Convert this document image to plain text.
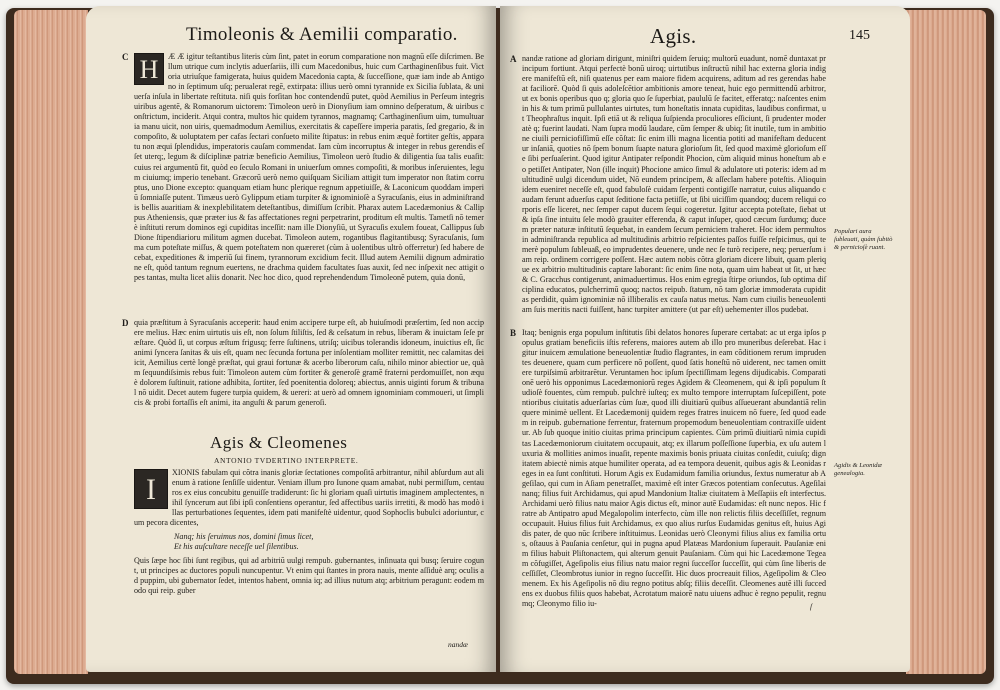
Timoleonis & Aemilii comparatio.
C H	Æ Æ igitur teſtantibus literis cùm ſint, patet in eorum comparatione non magnū eſſe diſcrimen. Bellum utrique cum inclytis aduerſariis, illi cum Macedonibus, huic cum Carthaginenſibus fuit. Victoria utriuſque famigerata, huius quidem Macedonia capta, & ſucceſſione, quæ iam inde ab Antigono in ſeptimum uſq; perualerat regē, extirpata: illius uerò omni tyrannide ex Sicilia ſublata, & uniuerſa inſula in libertate reſtituta. niſi quis forſitan hoc contendendū putet, quòd Aemilius in Perſeum integris uiribus agentē, & Romanorum uictorem: Timoleon uerò in Dionyſium iam omnino deſperatum, & uiribus conſtrictum, inciderit. Atqui contra, multos hic quidem tyrannos, magnamq; Carthaginenſium uim, tumultuaria manu uicit, non uiris, quemadmodum Aemilius, exercitatis & capeſſere imperia paratis, ſed gregario, & incompoſito, & uoluptatem per cafas ſectari conſueto milite ſtipatus: in rebus enim æquè fortiter geſtis, apparatu non æqui ſplendidus, imperatoris cauſam commendat. Iam cùm incorruptus & integer in rebus gerendis eſſet uterq;, legum & diſciplinæ patriæ beneficio Aemilius, Timoleon uerò ſtudio & diligentia ſua talis euaſit: cuius rei argumentū fit, quòd eo ſeculo Romani in uniuerſum omnes compoſiti, & moribus inſeruientes, legum ciuiumq; imperio tenebant. Græcorū uerò nemo quiſquam Siciliam attigit tum imperator non ſtatim corruptus, uno Dione excepto: quanquam etiam hunc plerique regnum appetiuiſſe, & Laconicum quoddam imperiū ſomniaſſe putent. Timæus uerò Gylippum etiam turpiter & ignominioſè a Syracuſanis, eius in adminiſtrandis bellis auaritiam & inexplebilitatem deteſtantibus, dimiſſum ſcribit. Pharax autem Lacedæmonius & Callippus Atheniensis, quæ præter ius & fas affectationes regni perpetrarint, proditum eſt multis. Tametſi nō temerè inſtituti rerum dominos egi cupiditas inceſſit: nam ille Dionyſiū, ut Syracuſis exulem foueat, Callippus ſub Dione ſtipendiarioru militum agmen ducebat. Timoleon autem, rogantibus flagitantibusq; Syracuſanis, ſumma cum poteſtate miſſus, & quem poteſtatem non quæreret (cùm à uolentibus ultrò offerretur) ſed habere decebat, expeditiones & imperiū ſui finem, tyrannorum excidium fecit. Illud autem Aemilii dignum admiratione eſt, quòd tantum regnum euertens, ne drachma quidem facultates ſuas auxit, ſed nec inſpexit nec attigit opes tantas, multa licet aliis donarit. Nec hoc dico, quod reprehendendum Timoleonē putem, quia donū,

D quia præſtitum à Syracuſanis acceperit: haud enim accipere turpe eſt, ab huiuſmodi præſertim, ſed non accipere melius. Hæc enim uirtutis uis eſt, non ſolum ſtiliſtis, ſed & ceſsatum in rebus, liberam & inuictam ſeſe præſtare. Quòd ſi, ut corpus æſtum frigusq; ferre ſuſtinens, utriſq; uicibus tolerandis idoneum, inuictius eſt, ſic animi ſyncera ſanitas & uis eſt, quam nec ſecunda fortuna per inſolentiam molliter remittit, nec calamitas deiicit, Aemilius certè longè præſtat, qui graui fortunæ & acerbo liberorum caſu, nihilo minor abiectior ue, quàm ſequundiſsimis rebus fuit: Timoleon autem cùm fortiter & generoſè gramē fraterni perdomuiſſet, non æquè dolorem ſuſtinuit, ratione adhibita, ſortiter, ſed poenitentia doloreq; abiectus, annis uiginti forum & tribunal nō uidit. Decet autem fugere turpia quidem, & uereri: at uerò ad omnem ignominiam commoueri, ut ſimplicis & probi fortaſſis eſt animi, ita anguſti & parum generoſi.

Agis & Cleomenes
ANTONIO TVDERTINO INTERPRETE.
I

XIONIS fabulam qui cõtra inanis gloriæ ſectationes compoſitā arbitrantur, nihil abſurdum aut alienum à ratione ſenſiſſe uidentur. Veniam illum pro Iunone quam amabat, nubi permiſſum, centauros ex eius concubitu genuiſſe tradiderunt: ſic hi gloriam quaſi uirtutis imaginem amplectentes, nihil ſyncerum aut ſibi ipſi conſentiens operantur, ſed affectibus uariis irretiti, & modò has modò illas perturbationes ſequentes, idem pati manifeſtè uidentur, quod Sophoclis bubulci adoriuntur, cum pecora dicentes,

Nanq; his ſeruimus nos, domini ſimus licet,

Et his auſcultare neceſſe uel ſilentibus.

Quis ſæpe hoc ſibi ſunt regibus, qui ad arbitriū uulgi rempub. gubernantes, inſinuata qui busq; ſeruire cogunt, ut principes ac ductores populi nuncupentur. Vt enim qui ſtantes in prora nauis, mente aſſiduè arq; oculis ad puppim, ubi gubernator ſedet, intentos habent, omnia iq; ad illius nutum atq; arbitrium peragunt: eodem modo qui reip. guber

nandæ
Agis.	145
A nandæ ratione ad gloriam dirigunt, miniſtri quidem ſeruiq; multorū euadunt, nomē duntaxat principum fortiunt. Atqui perfectè bonū uiroq; uirtutibus inſtructū nihil hac externa gloria indigere manifeſtū eſt, niſi quatenus per eam maiore fidem acquirens, aditum ad res gerendas habeat faciliorē. Quòd ſi quis adoleſcētior ambitionis amore teneat, huic ego permittendū arbitror, ut ex bonis operibus quo q; gloria quo ſe ſuperbiat, paululū ſe facitet, efferatq;: naſcentes enim in his & tum primū pullulantes uirtutes, tum honeſtatis innata cupiditas, laudibus confirmat, ut Theophraſtus inquit. Ipſi etiā ut & reliqua ſuſpienda proculiores eſſiciunt, ſi prudenter moderatè q; fuerint laudati. Nam ſupra modū laudare, cūm ſemper & ubiq; ſit inutile, tum in ambitione ciuili perniciofiſſimū eſſe cõſtat: ſic enim illi magna licentia potiti ad manifeſtam deducentur inſaniā, quoties nō ſpem bonum ſuapte natura glorioſum ſit, ſed quod maximè glorioſum eſſe ſibi perſuaſerint. Quod igitur Antipater reſpondit Phocion, cùm aliquid minus honeſtum ab eo petiſſet Antipater, Non (ille inquit) Phocione amico ſimul & adulatore uti poteris: idem ad multitudinē uulgi dicendum uidet, Nō eundem principem, & aſſeclam habere poteſtis. Alioquin idem eueniret neceſſe eſt, quod fabuloſè cuidam ſerpenti contigiſſe narratur, cuius aliquando caudam ferunt aduerſus caput ſeditione facta petiiſſe, ut ſibi uiciſſim quandoq; ducem reliqui corporis eſſe liceret, nec ſemper caput ducem ſequi cogeretur. Igitur accepta poteſtate, ſiebat ut & ipſa ſine intuitu ſele modò grauiter efferenda, & caput inſuper, quod cæcum ſurdumq; ducem præter naturæ inſtitutū ſequebat, in eandem ſecum perniciem traheret. Hoc idem permultos in adminiſtranda republica ad multitudinis arbitrio reſpicientes paſſos fuiſſe reſpicimus, qui temerè populum ſubleuaß, eo imprudentes deuenere, unde nec ſe turò recipere, neq; peruerſum iam reip. ordinem corrigere poſſent. Hæc autem nobis cõtra gloriam dicere libuit, quam plerique ex arbitrio multitudinis captare laborant: ſic enim ſine nota, quam uim habeat ut ſit, ut hæc & C. Gracchus contigerunt, animaduertimus. Hos enim egregia ſtirpe oriundos, ſub optima diſciplina educatos, pulcherrimū quoq; nactos reipub. ſtatum, nō tam gloriæ immoderata cupiditas perdidit, quàm ignominiæ nō illiberalis ex cauſa natus metus. Nam cum ciuilis beneuolentiam ſuis meritis nacti fuiſſent, hanc turpiter amittere (ut par eſt) uehementer illos pudebat.

B Itaq; benignis erga populum inſtitutis ſibi delatos honores ſuperare certabat: ac ut erga ipſos populus gratiam beneficiis iſtis referens, maiores autem ab illo pro muneribus deſerebat. Hac igitur inuicem æmulatione beneuolentiæ ſtudio flagrantes, in eam cõditionem rerum imprudentes deuenere, quam cum perficere nō poſſent, quod ſatis honeſtū nō uiderent, nec tamen omittere turpiſsimū arbitrarētur. Veruntamen hoc ipſum ſpectiſſimam legens dijudicabis. Comparationē uerò his opponimus Lacedæmoniorū reges Agidem & Cleomenem, qui & ipſi populum ſtudioſè fouentes, cùm rempub. pulchrè iuſteq; ex multo tempore interruptam ſuſcepiſſent, potentioribus ciuitatis aduerſarias cùm ſuæ, quod illi diuitiarū quibus aſſueuerant abundantiā relinquere minimè uellent. Et Lacedæmonij quidem reges fratres inuicem nō fuere, ſed quod eadem in reipub. gubernatione ferrentur, fraternum propemodum beneuolentiam contraxiſſe uidentur. Ab ſub quoque initio ciuitas prima principum capientes. Cùm primū diuitiarū nimia cupiditas Lacedæmoniorum ciuitatem occupauit, atq; ex illarum poſſeſſione ſuperbia, ex uſu autem luxuria & mollities animos inuaſit, repente maximis bonis priuata ciuitas conſedit, cuiuſq; dignitatem abiectè nimis atque humiliter operata, ad ea tempora deuenit, quibus agis & Leonidas reges in ea ſunt conſtituti. Horum Agis ex Eudamidum familia oriundus, ſextus numeratur ab Ageſilao, qui cum in Aſiam penetraſſet, maximè eſt inter Græcos potentiam conſecutus. Ageſilai nanq; filius fuit Archidamus, qui apud Mandonium Italiæ ciuitatem à Meſſapiis eſt interfectus. Archidami uerò filius natu maior Agis dictus eſt, minor autē Eudamidas: eſt nunc nepos. Hic fratre ab Antipatro apud Megalopolim interfecto, cùm ille non relictis filiis deceſſiſſet, regnum occupauit. Huius filius fuit Archidamus, ex quo alius rurſus Eudamidas genitus eſt, huius Agidis pater, de quo nūc ſcribere inſtituimus. Leonidas uerò Cleonymi filius alius ex familia ortus, oſtauus à Pauſania cenſetur, qui in pugna apud Platæas Mardonium ſuperauit. Pauſaniæ enim filius habuit Pliſtonactem, qui alterum genuit Pauſaniam. Cùm qui hic Lacedæmone Tegeam cõfugiſſet, Ageſipolis eius filius natu maior regni ſucceſſor ſucceſſit, qui cùm ſine liberis deceſſiſſet, Cleombrotus iunior in regno ſucceſſit. Hic duos procreauit filios, Ageſipolim & Cleomenem. Ex his Ageſipolis nō diu regno potitus abſq; filiis deceſſit. Cleomenes autē illi ſuccedens ex duobus filiis quos habebat, Acrotatum maiorē natu uiuens adhuc è regno pepulit, regnumq; Cleonymo filio iu-

Populari aura ſubleuati, quàm ſubitò & pernicioſè ruant.
Agidis & Leonidæ genealogia.
ſ
